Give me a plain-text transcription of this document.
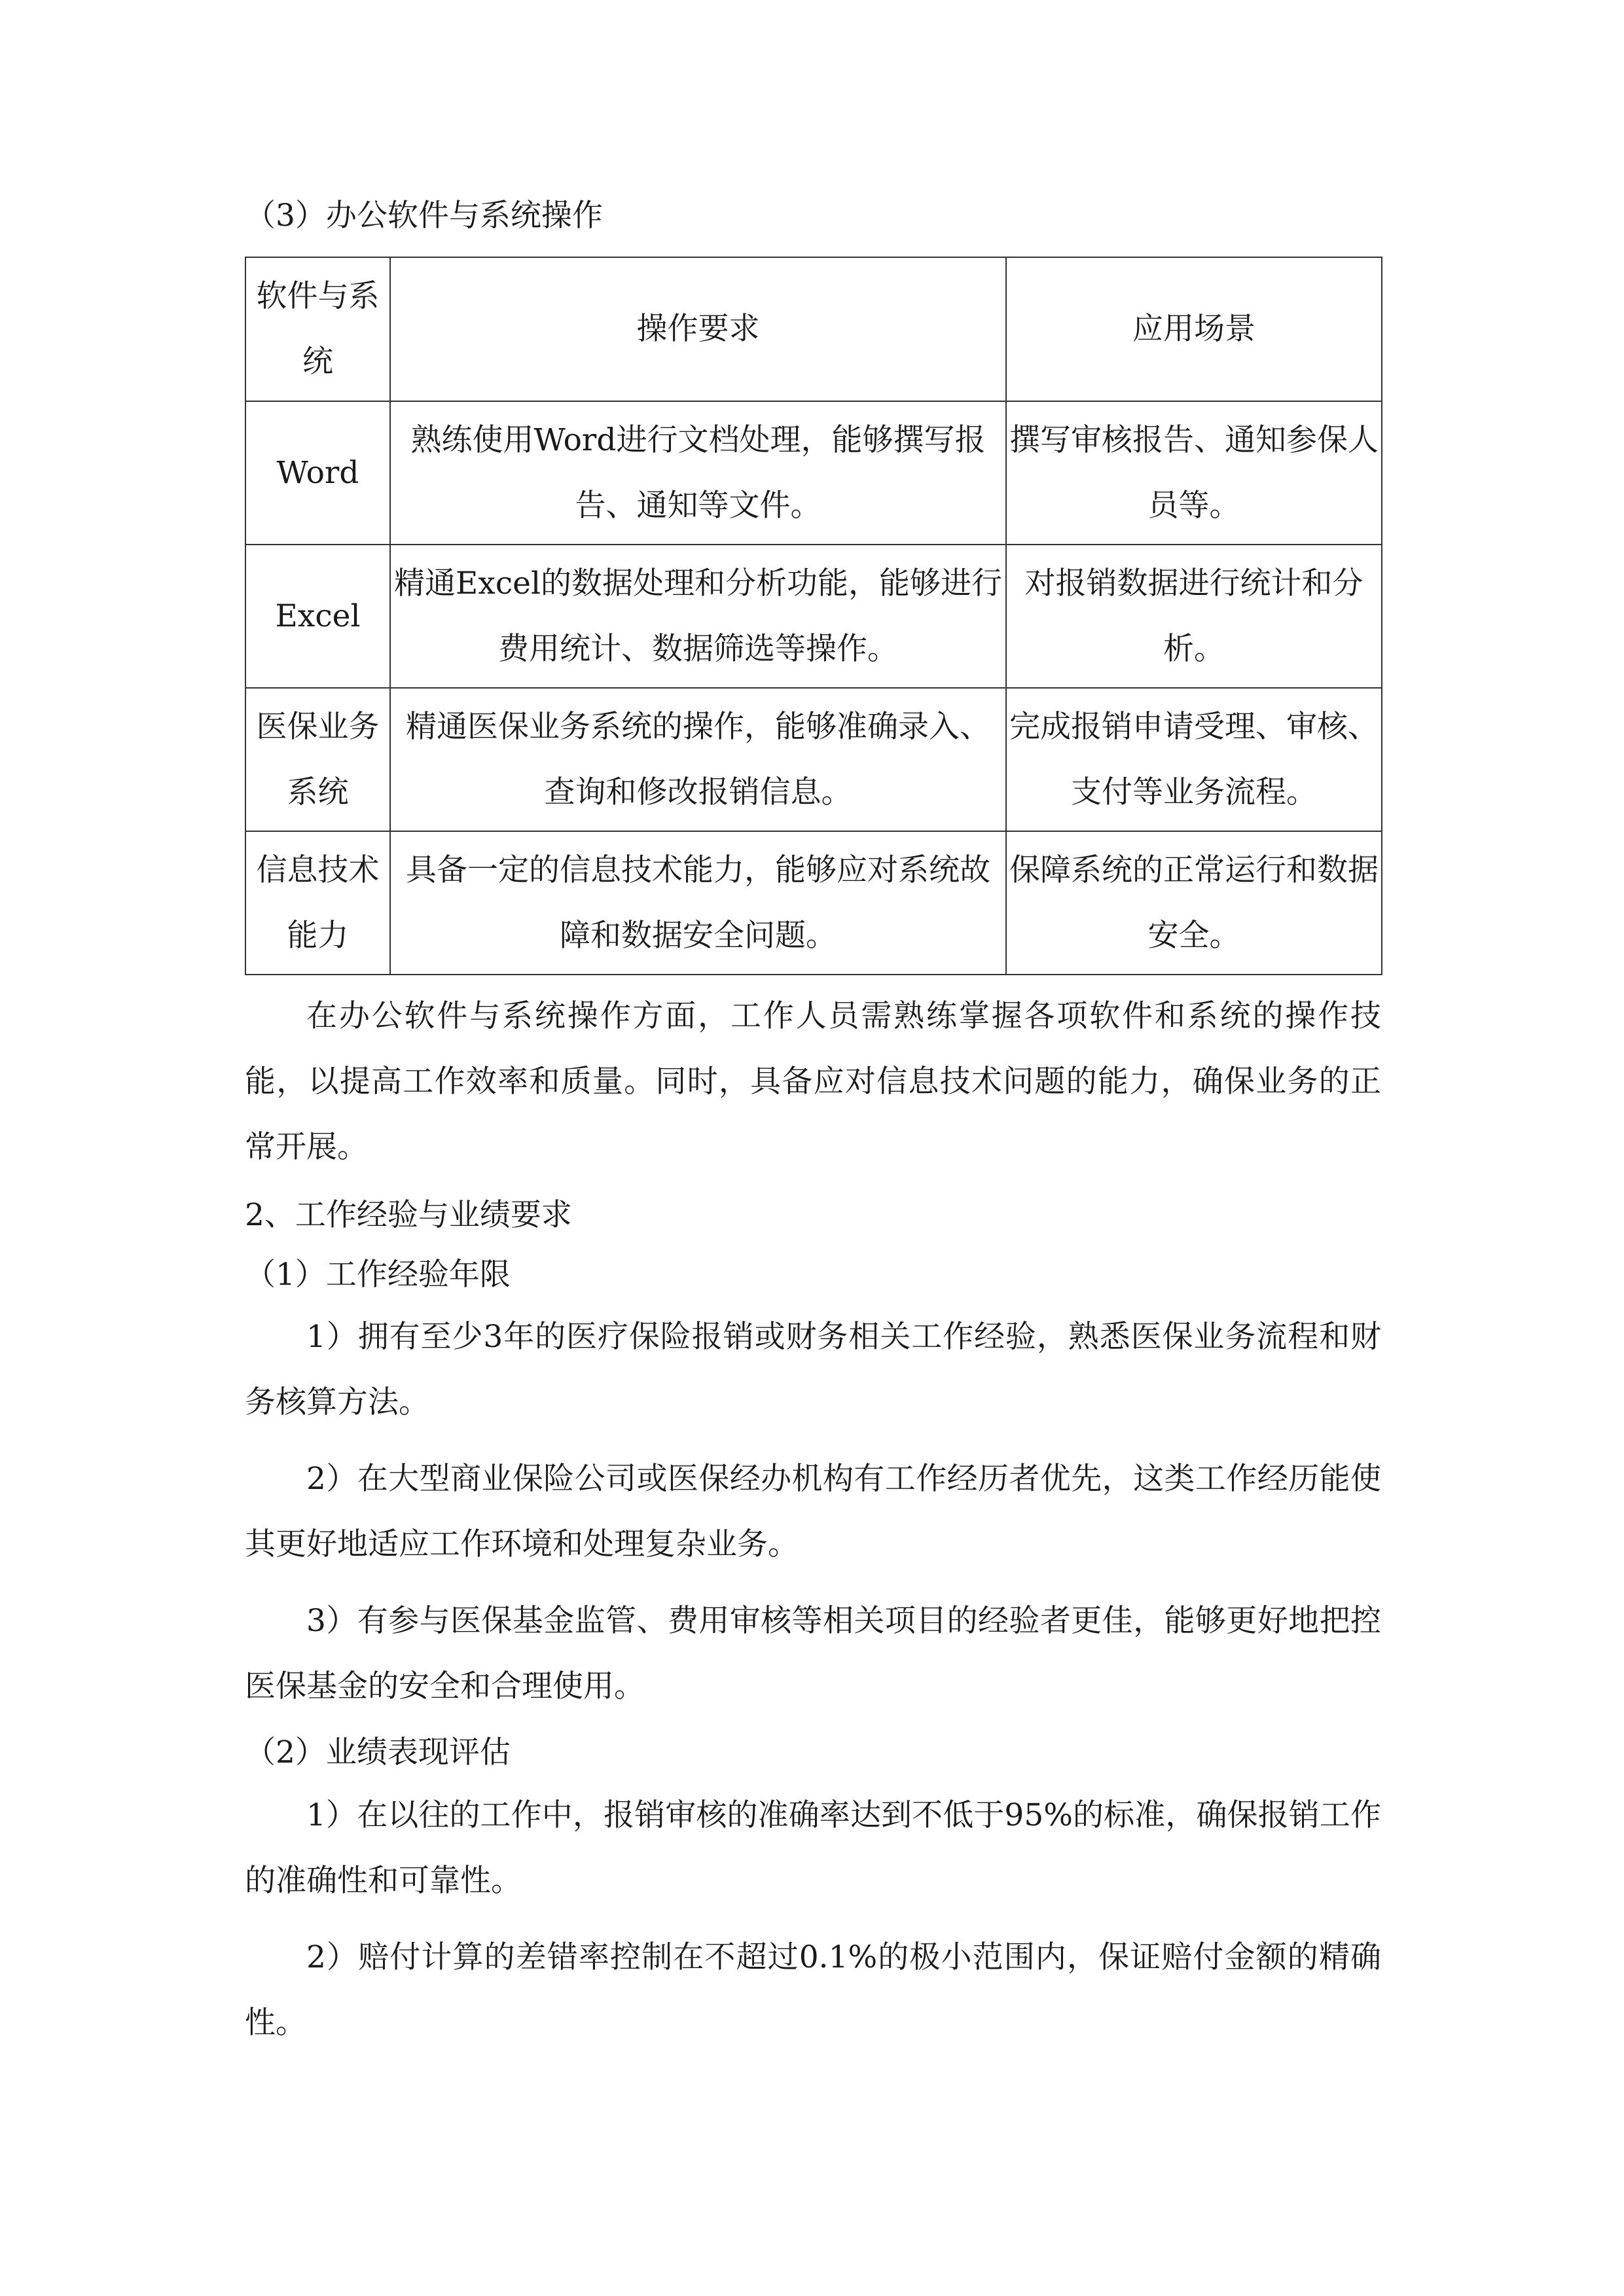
（3）办公软件与系统操作
软件与系统	操作要求	应用场景
Word	熟练使用Word进行文档处理，能够撰写报告、通知等文件。	撰写审核报告、通知参保人员等。
Excel	精通Excel的数据处理和分析功能，能够进行费用统计、数据筛选等操作。	对报销数据进行统计和分析。
医保业务系统	精通医保业务系统的操作，能够准确录入、查询和修改报销信息。	完成报销申请受理、审核、支付等业务流程。
信息技术能力	具备一定的信息技术能力，能够应对系统故障和数据安全问题。	保障系统的正常运行和数据安全。
在办公软件与系统操作方面，工作人员需熟练掌握各项软件和系统的操作技能，以提高工作效率和质量。同时，具备应对信息技术问题的能力，确保业务的正常开展。
2、工作经验与业绩要求
（1）工作经验年限
1）拥有至少3年的医疗保险报销或财务相关工作经验，熟悉医保业务流程和财务核算方法。
2）在大型商业保险公司或医保经办机构有工作经历者优先，这类工作经历能使其更好地适应工作环境和处理复杂业务。
3）有参与医保基金监管、费用审核等相关项目的经验者更佳，能够更好地把控医保基金的安全和合理使用。
（2）业绩表现评估
1）在以往的工作中，报销审核的准确率达到不低于95%的标准，确保报销工作的准确性和可靠性。
2）赔付计算的差错率控制在不超过0.1%的极小范围内，保证赔付金额的精确性。
